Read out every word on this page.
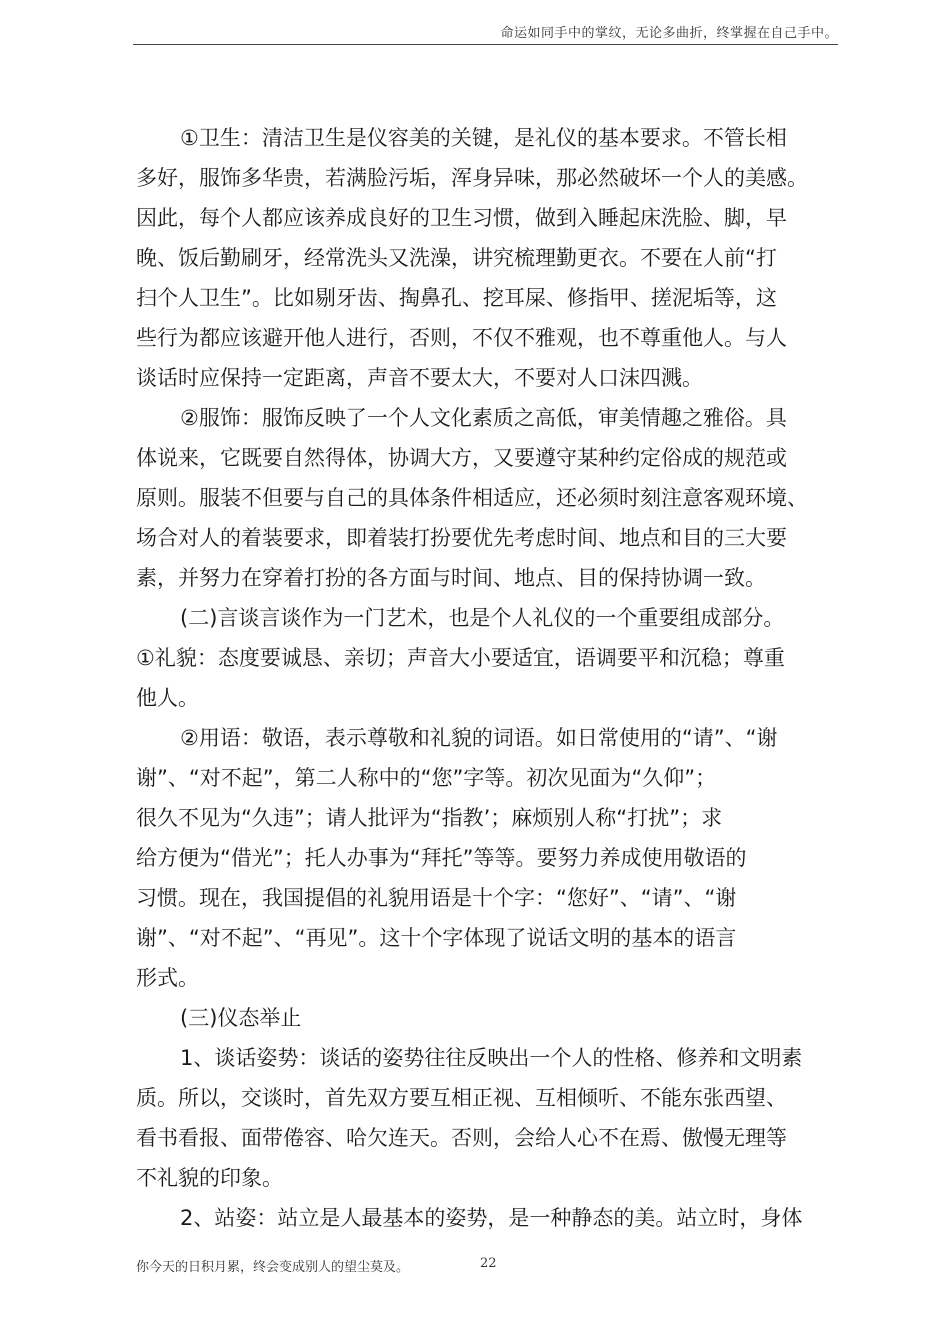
命运如同手中的掌纹，无论多曲折，终掌握在自己手中。
①卫生：清洁卫生是仪容美的关键，是礼仪的基本要求。不管长相
多好，服饰多华贵，若满脸污垢，浑身异味，那必然破坏一个人的美感。
因此，每个人都应该养成良好的卫生习惯，做到入睡起床洗脸、脚，早
晚、饭后勤刷牙，经常洗头又洗澡，讲究梳理勤更衣。不要在人前“打
扫个人卫生”。比如剔牙齿、掏鼻孔、挖耳屎、修指甲、搓泥垢等，这
些行为都应该避开他人进行，否则，不仅不雅观，也不尊重他人。与人
谈话时应保持一定距离，声音不要太大，不要对人口沫四溅。
②服饰：服饰反映了一个人文化素质之高低，审美情趣之雅俗。具
体说来，它既要自然得体，协调大方，又要遵守某种约定俗成的规范或
原则。服装不但要与自己的具体条件相适应，还必须时刻注意客观环境、
场合对人的着装要求，即着装打扮要优先考虑时间、地点和目的三大要
素，并努力在穿着打扮的各方面与时间、地点、目的保持协调一致。
(二)言谈言谈作为一门艺术，也是个人礼仪的一个重要组成部分。
①礼貌：态度要诚恳、亲切；声音大小要适宜，语调要平和沉稳；尊重
他人。
②用语：敬语，表示尊敬和礼貌的词语。如日常使用的“请”、“谢
谢”、“对不起”，第二人称中的“您”字等。初次见面为“久仰”；
很久不见为“久违”；请人批评为“指教’；麻烦别人称“打扰”；求
给方便为“借光”；托人办事为“拜托”等等。要努力养成使用敬语的
习惯。现在，我国提倡的礼貌用语是十个字：“您好”、“请”、“谢
谢”、“对不起”、“再见”。这十个字体现了说话文明的基本的语言
形式。
(三)仪态举止
1、谈话姿势：谈话的姿势往往反映出一个人的性格、修养和文明素
质。所以，交谈时，首先双方要互相正视、互相倾听、不能东张西望、
看书看报、面带倦容、哈欠连天。否则，会给人心不在焉、傲慢无理等
不礼貌的印象。
2、站姿：站立是人最基本的姿势，是一种静态的美。站立时，身体
你今天的日积月累，终会变成别人的望尘莫及。	22
